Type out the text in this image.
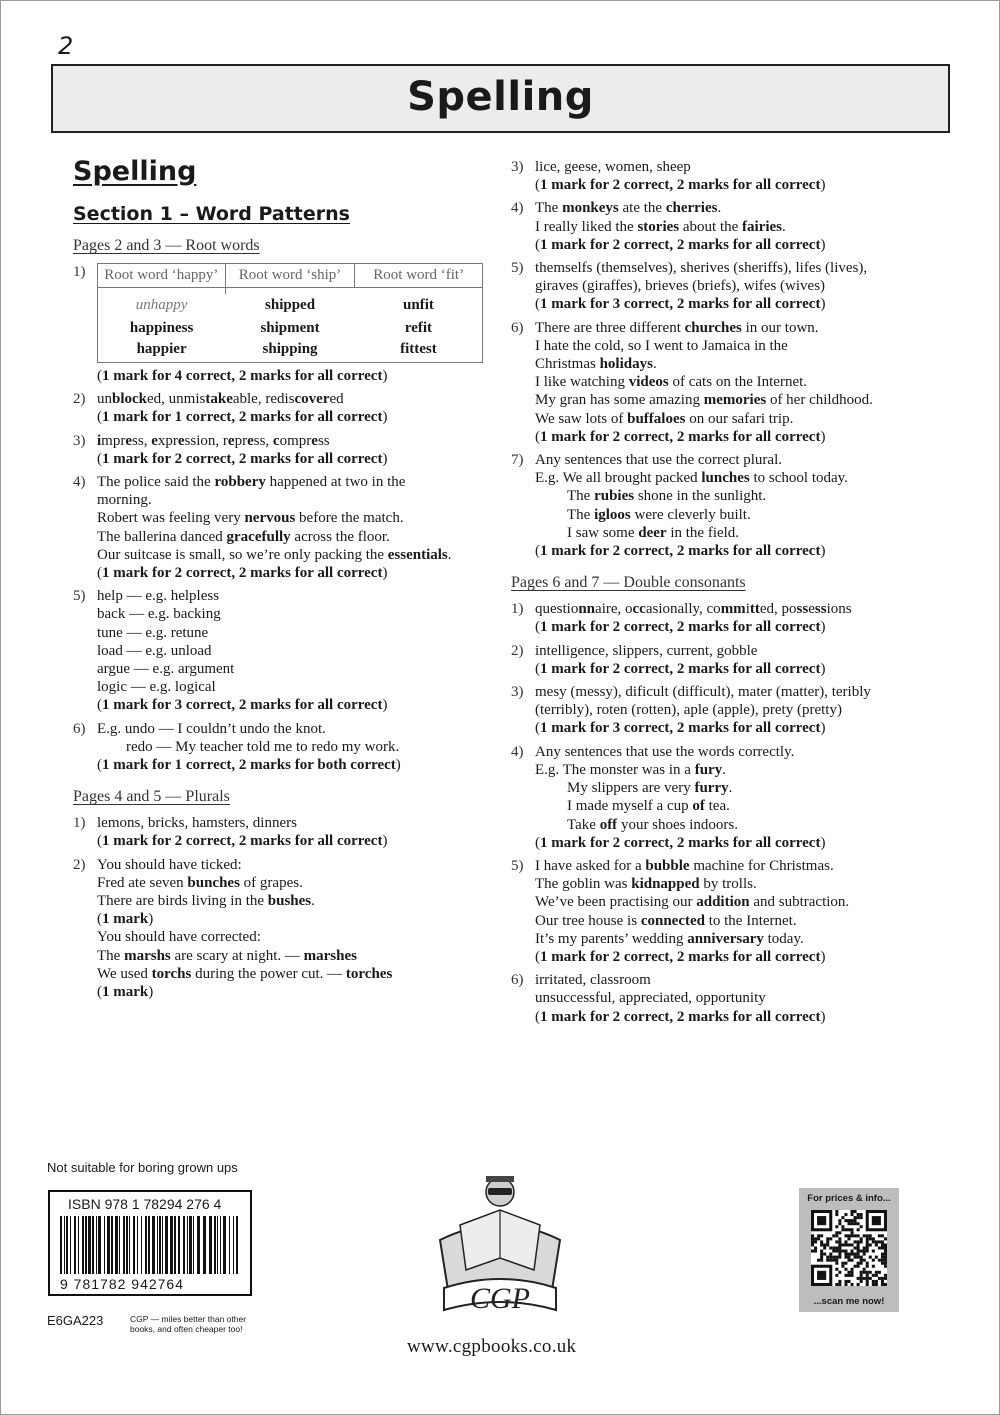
2
Spelling
Spelling
Section 1 – Word Patterns
Pages 2 and 3 — Root words
1)	Root word ‘happy’	Root word ‘ship’	Root word ‘fit’

unhappy	shipped	unfit
happiness	shipment	refit
happier	shipping	fittest
(1 mark for 4 correct, 2 marks for all correct)
2) unblocked, unmistakeable, rediscovered
(1 mark for 1 correct, 2 marks for all correct)
3) impress, expression, repress, compress
(1 mark for 2 correct, 2 marks for all correct)
4) The police said the robbery happened at two in the
morning.
Robert was feeling very nervous before the match.
The ballerina danced gracefully across the floor.
Our suitcase is small, so we’re only packing the essentials.
(1 mark for 2 correct, 2 marks for all correct)
5) help — e.g. helpless
back — e.g. backing
tune — e.g. retune
load — e.g. unload
argue — e.g. argument
logic — e.g. logical
(1 mark for 3 correct, 2 marks for all correct)
6) E.g. undo — I couldn’t undo the knot.
redo — My teacher told me to redo my work.
(1 mark for 1 correct, 2 marks for both correct)
Pages 4 and 5 — Plurals
1) lemons, bricks, hamsters, dinners
(1 mark for 2 correct, 2 marks for all correct)
2) You should have ticked:
Fred ate seven bunches of grapes.
There are birds living in the bushes.
(1 mark)
You should have corrected:
The marshs are scary at night. — marshes
We used torchs during the power cut. — torches
(1 mark)
3) lice, geese, women, sheep
(1 mark for 2 correct, 2 marks for all correct)
4) The monkeys ate the cherries.
I really liked the stories about the fairies.
(1 mark for 2 correct, 2 marks for all correct)
5) themselfs (themselves), sherives (sheriffs), lifes (lives),
giraves (giraffes), brieves (briefs), wifes (wives)
(1 mark for 3 correct, 2 marks for all correct)
6) There are three different churches in our town.
I hate the cold, so I went to Jamaica in the
Christmas holidays.
I like watching videos of cats on the Internet.
My gran has some amazing memories of her childhood.
We saw lots of buffaloes on our safari trip.
(1 mark for 2 correct, 2 marks for all correct)
7) Any sentences that use the correct plural.
E.g. We all brought packed lunches to school today.
The rubies shone in the sunlight.
The igloos were cleverly built.
I saw some deer in the field.
(1 mark for 2 correct, 2 marks for all correct)
Pages 6 and 7 — Double consonants
1) questionnaire, occasionally, committed, possessions
(1 mark for 2 correct, 2 marks for all correct)
2) intelligence, slippers, current, gobble
(1 mark for 2 correct, 2 marks for all correct)
3) mesy (messy), dificult (difficult), mater (matter), teribly
(terribly), roten (rotten), aple (apple), prety (pretty)
(1 mark for 3 correct, 2 marks for all correct)
4) Any sentences that use the words correctly.
E.g. The monster was in a fury.
My slippers are very furry.
I made myself a cup of tea.
Take off your shoes indoors.
(1 mark for 2 correct, 2 marks for all correct)
5) I have asked for a bubble machine for Christmas.
The goblin was kidnapped by trolls.
We’ve been practising our addition and subtraction.
Our tree house is connected to the Internet.
It’s my parents’ wedding anniversary today.
(1 mark for 2 correct, 2 marks for all correct)
6) irritated, classroom
unsuccessful, appreciated, opportunity
(1 mark for 2 correct, 2 marks for all correct)
Not suitable for boring grown ups
ISBN 978 1 78294 276 4
9 781782 942764
E6GA223	CGP — miles better than other books, and often cheaper too!
CGP
www.cgpbooks.co.uk
For prices & info...
...scan me now!
